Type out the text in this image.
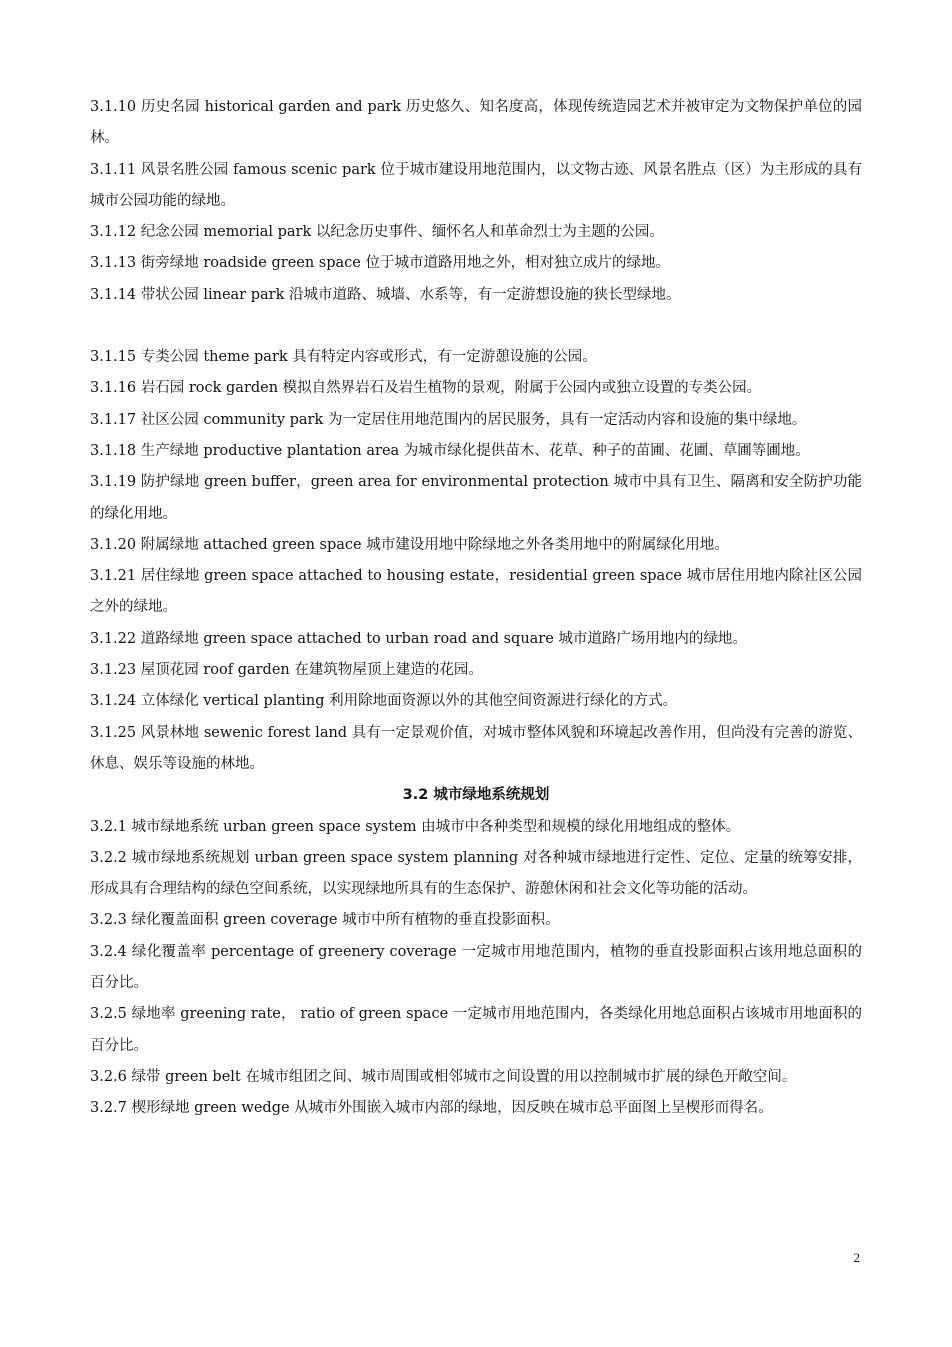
3.1.10 历史名园 historical garden and park 历史悠久、知名度高，体现传统造园艺术并被审定为文物保护单位的园林。

3.1.11 风景名胜公园 famous scenic park 位于城市建设用地范围内，以文物古迹、风景名胜点（区）为主形成的具有城市公园功能的绿地。

3.1.12 纪念公园 memorial park 以纪念历史事件、缅怀名人和革命烈士为主题的公园。

3.1.13 街旁绿地 roadside green space 位于城市道路用地之外，相对独立成片的绿地。

3.1.14 带状公园 linear park 沿城市道路、城墙、水系等，有一定游想设施的狭长型绿地。

3.1.15 专类公园 theme park 具有特定内容或形式，有一定游憩设施的公园。

3.1.16 岩石园 rock garden 模拟自然界岩石及岩生植物的景观，附属于公园内或独立设置的专类公园。

3.1.17 社区公园 community park 为一定居住用地范围内的居民服务，具有一定活动内容和设施的集中绿地。

3.1.18 生产绿地 productive plantation area 为城市绿化提供苗木、花草、种子的苗圃、花圃、草圃等圃地。

3.1.19 防护绿地 green buffer，green area for environmental protection 城市中具有卫生、隔离和安全防护功能的绿化用地。

3.1.20 附属绿地 attached green space 城市建设用地中除绿地之外各类用地中的附属绿化用地。

3.1.21 居住绿地 green space attached to housing estate，residential green space 城市居住用地内除社区公园之外的绿地。

3.1.22 道路绿地 green space attached to urban road and square 城市道路广场用地内的绿地。

3.1.23 屋顶花园 roof garden 在建筑物屋顶上建造的花园。

3.1.24 立体绿化 vertical planting 利用除地面资源以外的其他空间资源进行绿化的方式。

3.1.25 风景林地 sewenic forest land 具有一定景观价值，对城市整体风貌和环境起改善作用，但尚没有完善的游览、休息、娱乐等设施的林地。

3.2 城市绿地系统规划

3.2.1 城市绿地系统 urban green space system 由城市中各种类型和规模的绿化用地组成的整体。

3.2.2 城市绿地系统规划 urban green space system planning 对各种城市绿地进行定性、定位、定量的统筹安排，形成具有合理结构的绿色空间系统，以实现绿地所具有的生态保护、游憩休闲和社会文化等功能的活动。

3.2.3 绿化覆盖面积 green coverage 城市中所有植物的垂直投影面积。

3.2.4 绿化覆盖率 percentage of greenery coverage 一定城市用地范围内，植物的垂直投影面积占该用地总面积的百分比。

3.2.5 绿地率 greening rate， ratio of green space 一定城市用地范围内，各类绿化用地总面积占该城市用地面积的百分比。

3.2.6 绿带 green belt 在城市组团之间、城市周围或相邻城市之间设置的用以控制城市扩展的绿色开敞空间。

3.2.7 楔形绿地 green wedge 从城市外围嵌入城市内部的绿地，因反映在城市总平面图上呈楔形而得名。

2
